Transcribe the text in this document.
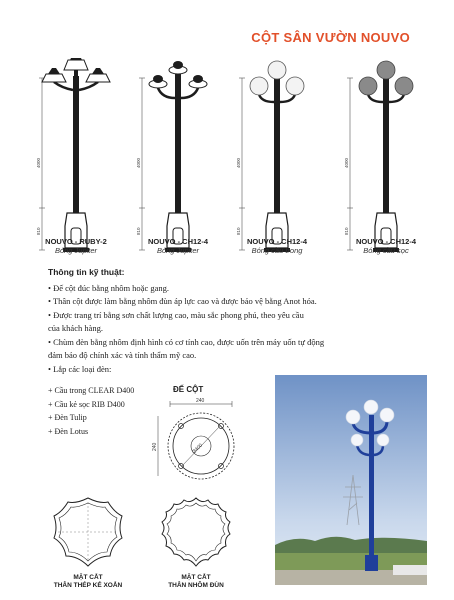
CỘT SÂN VƯỜN NOUVO
4000
810
4000
810
4000
810
4000
810
NOUVO - RUBY-2
Bóng Jupiter
NOUVO - CH12-4
Bóng Jupiter
NOUVO - CH12-4
Bóng cầu trong
NOUVO - CH12-4
Bóng cầu sọc
Thông tin kỹ thuật:
• Đế cột đúc bằng nhôm hoặc gang.
• Thân cột được làm bằng nhôm đùn áp lực cao và được bảo vệ bằng Anot hóa.
• Được trang trí bằng sơn chất lượng cao, màu sắc phong phú, theo yêu cầu
của khách hàng.
• Chùm đèn bằng nhôm định hình có cơ tính cao, được uốn trên máy uốn tự động
đảm bảo độ chính xác và tính thẩm mỹ cao.
• Lắp các loại đèn:
+ Cầu trong CLEAR D400
+ Cầu kẻ sọc RIB D400
+ Đèn Tulip
+ Đèn Lotus
ĐẾ CỘT
240
240	Ø400
MẶT CẮT
THÂN THÉP KẺ XOẮN
MẶT CẮT
THÂN NHÔM ĐÙN
